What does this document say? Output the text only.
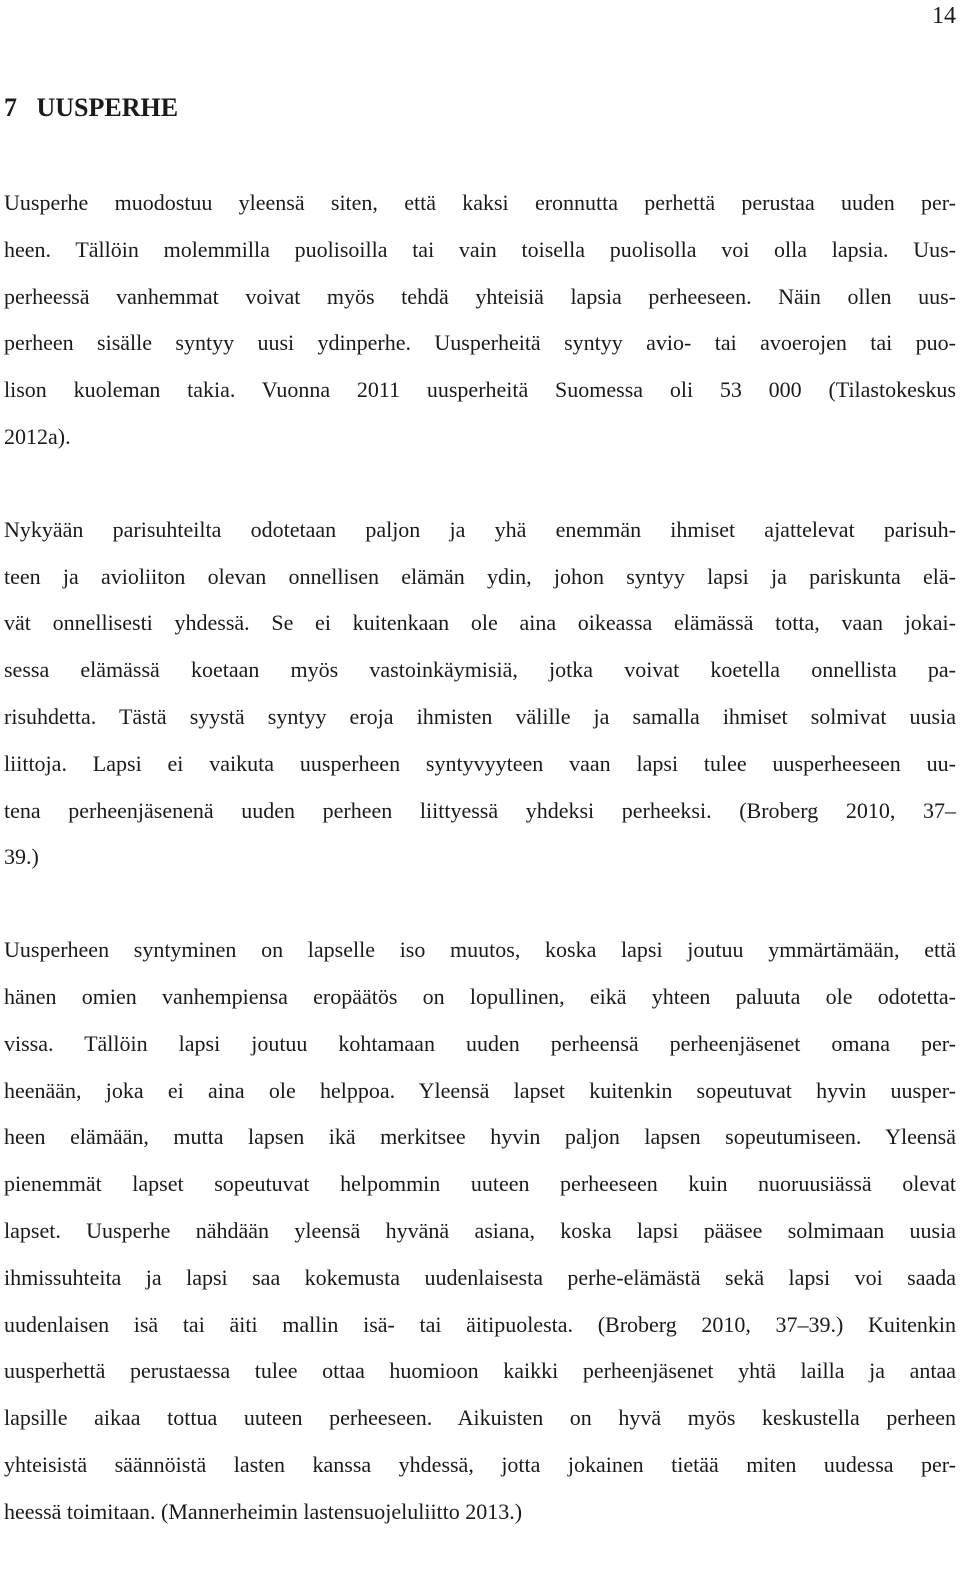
14
7   UUSPERHE

Uusperhe muodostuu yleensä siten, että kaksi eronnutta perhettä perustaa uuden per-
heen. Tällöin molemmilla puolisoilla tai vain toisella puolisolla voi olla lapsia. Uus-
perheessä vanhemmat voivat myös tehdä yhteisiä lapsia perheeseen. Näin ollen uus-
perheen sisälle syntyy uusi ydinperhe. Uusperheitä syntyy avio- tai avoerojen tai puo-
lison kuoleman takia. Vuonna 2011 uusperheitä Suomessa oli 53 000 (Tilastokeskus
2012a).

Nykyään parisuhteilta odotetaan paljon ja yhä enemmän ihmiset ajattelevat parisuh-
teen ja avioliiton olevan onnellisen elämän ydin, johon syntyy lapsi ja pariskunta elä-
vät onnellisesti yhdessä. Se ei kuitenkaan ole aina oikeassa elämässä totta, vaan jokai-
sessa elämässä koetaan myös vastoinkäymisiä, jotka voivat koetella onnellista pa-
risuhdetta. Tästä syystä syntyy eroja ihmisten välille ja samalla ihmiset solmivat uusia
liittoja. Lapsi ei vaikuta uusperheen syntyvyyteen vaan lapsi tulee uusperheeseen uu-
tena perheenjäsenenä uuden perheen liittyessä yhdeksi perheeksi. (Broberg 2010, 37–
39.)

Uusperheen syntyminen on lapselle iso muutos, koska lapsi joutuu ymmärtämään, että
hänen omien vanhempiensa eropäätös on lopullinen, eikä yhteen paluuta ole odotetta-
vissa. Tällöin lapsi joutuu kohtamaan uuden perheensä perheenjäsenet omana per-
heenään, joka ei aina ole helppoa. Yleensä lapset kuitenkin sopeutuvat hyvin uusper-
heen elämään, mutta lapsen ikä merkitsee hyvin paljon lapsen sopeutumiseen. Yleensä
pienemmät lapset sopeutuvat helpommin uuteen perheeseen kuin nuoruusiässä olevat
lapset. Uusperhe nähdään yleensä hyvänä asiana, koska lapsi pääsee solmimaan uusia
ihmissuhteita ja lapsi saa kokemusta uudenlaisesta perhe-elämästä sekä lapsi voi saada
uudenlaisen isä tai äiti mallin isä- tai äitipuolesta. (Broberg 2010, 37–39.) Kuitenkin
uusperhettä perustaessa tulee ottaa huomioon kaikki perheenjäsenet yhtä lailla ja antaa
lapsille aikaa tottua uuteen perheeseen. Aikuisten on hyvä myös keskustella perheen
yhteisistä säännöistä lasten kanssa yhdessä, jotta jokainen tietää miten uudessa per-
heessä toimitaan. (Mannerheimin lastensuojeluliitto 2013.)
